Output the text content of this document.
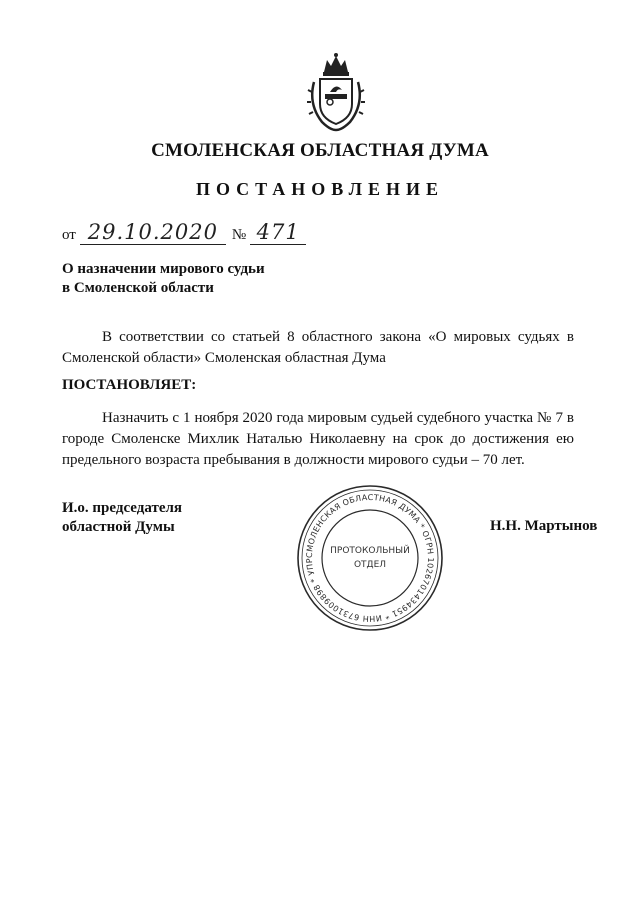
СМОЛЕНСКАЯ ОБЛАСТНАЯ ДУМА
ПОСТАНОВЛЕНИЕ
от 29.10.2020 № 471
О назначении мирового судьи
в Смоленской области
В соответствии со статьей 8 областного закона «О мировых судьях в Смоленской области» Смоленская областная Дума
ПОСТАНОВЛЯЕТ:
Назначить с 1 ноября 2020 года мировым судьей судебного участка № 7 в городе Смоленске Михлик Наталью Николаевну на срок до достижения ею предельного возраста пребывания в должности мирового судьи – 70 лет.
И.о. председателя
областной Думы	Н.Н. Мартынов
СМОЛЕНСКАЯ ОБЛАСТНАЯ ДУМА * ОГРН 1026701434951 * ИНН 6731009898 * УПР
ПРОТОКОЛЬНЫЙ
ОТДЕЛ
